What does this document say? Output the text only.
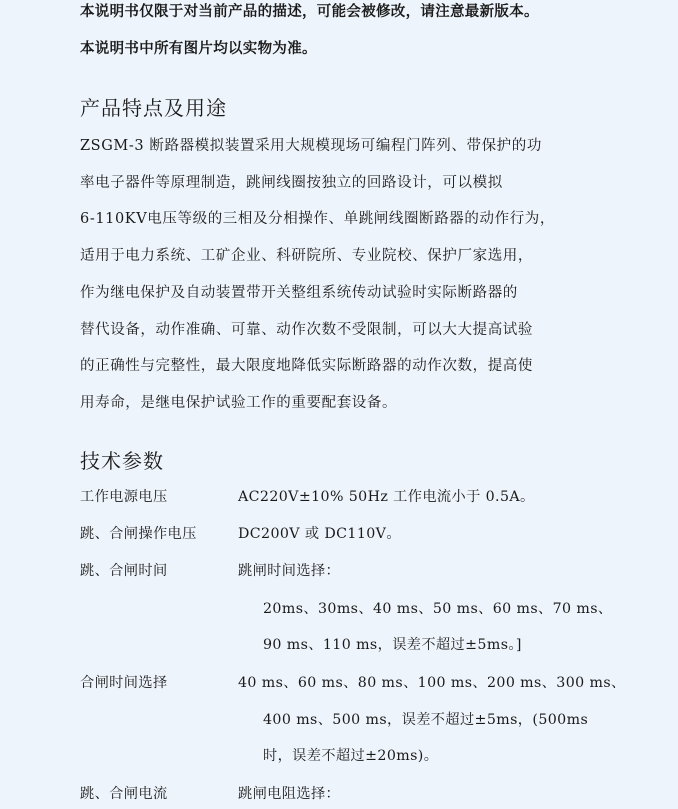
本说明书仅限于对当前产品的描述，可能会被修改，请注意最新版本。
本说明书中所有图片均以实物为准。
产品特点及用途
ZSGM-3 断路器模拟装置采用大规模现场可编程门阵列、带保护的功
率电子器件等原理制造，跳闸线圈按独立的回路设计，可以模拟
6-110KV电压等级的三相及分相操作、单跳闸线圈断路器的动作行为，
适用于电力系统、工矿企业、科研院所、专业院校、保护厂家选用，
作为继电保护及自动装置带开关整组系统传动试验时实际断路器的
替代设备，动作准确、可靠、动作次数不受限制，可以大大提高试验
的正确性与完整性，最大限度地降低实际断路器的动作次数，提高使
用寿命，是继电保护试验工作的重要配套设备。
技术参数
工作电源电压	AC220V±10% 50Hz 工作电流小于 0.5A。
跳、合闸操作电压	DC200V 或 DC110V。
跳、合闸时间	跳闸时间选择：
20ms、30ms、40 ms、50 ms、60 ms、70 ms、
90 ms、110 ms，误差不超过±5ms。]
合闸时间选择	40 ms、60 ms、80 ms、100 ms、200 ms、300 ms、
400 ms、500 ms，误差不超过±5ms，(500ms
时，误差不超过±20ms)。
跳、合闸电流	跳闸电阻选择：
